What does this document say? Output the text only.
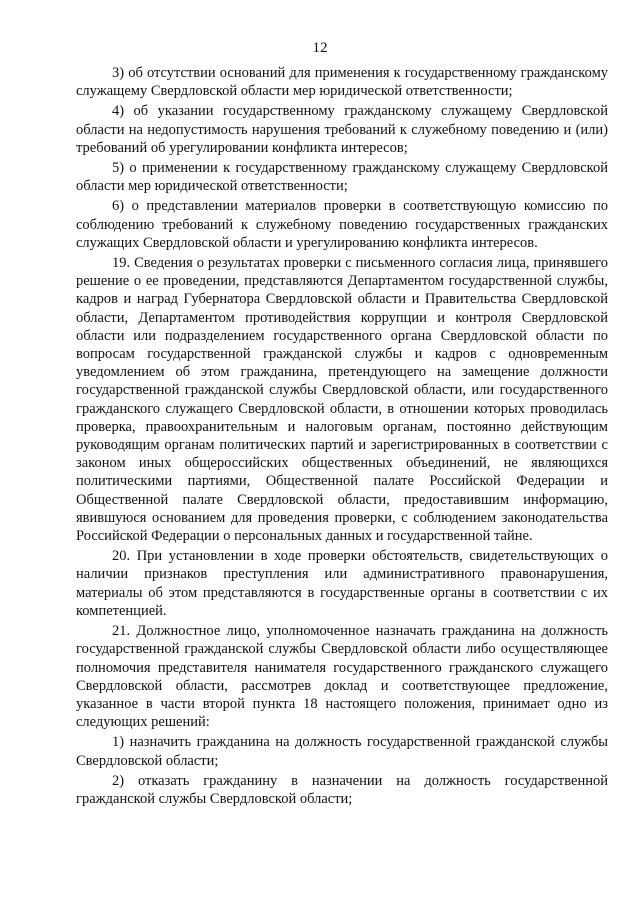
12

3) об отсутствии оснований для применения к государственному гражданскому служащему Свердловской области мер юридической ответственности;

4) об указании государственному гражданскому служащему Свердловской области на недопустимость нарушения требований к служебному поведению и (или) требований об урегулировании конфликта интересов;

5) о применении к государственному гражданскому служащему Свердловской области мер юридической ответственности;

6) о представлении материалов проверки в соответствующую комиссию по соблюдению требований к служебному поведению государственных гражданских служащих Свердловской области и урегулированию конфликта интересов.

19. Сведения о результатах проверки с письменного согласия лица, принявшего решение о ее проведении, представляются Департаментом государственной службы, кадров и наград Губернатора Свердловской области и Правительства Свердловской области, Департаментом противодействия коррупции и контроля Свердловской области или подразделением государственного органа Свердловской области по вопросам государственной гражданской службы и кадров с одновременным уведомлением об этом гражданина, претендующего на замещение должности государственной гражданской службы Свердловской области, или государственного гражданского служащего Свердловской области, в отношении которых проводилась проверка, правоохранительным и налоговым органам, постоянно действующим руководящим органам политических партий и зарегистрированных в соответствии с законом иных общероссийских общественных объединений, не являющихся политическими партиями, Общественной палате Российской Федерации и Общественной палате Свердловской области, предоставившим информацию, явившуюся основанием для проведения проверки, с соблюдением законодательства Российской Федерации о персональных данных и государственной тайне.

20. При установлении в ходе проверки обстоятельств, свидетельствующих о наличии признаков преступления или административного правонарушения, материалы об этом представляются в государственные органы в соответствии с их компетенцией.

21. Должностное лицо, уполномоченное назначать гражданина на должность государственной гражданской службы Свердловской области либо осуществляющее полномочия представителя нанимателя государственного гражданского служащего Свердловской области, рассмотрев доклад и соответствующее предложение, указанное в части второй пункта 18 настоящего положения, принимает одно из следующих решений:

1) назначить гражданина на должность государственной гражданской службы Свердловской области;

2) отказать гражданину в назначении на должность государственной гражданской службы Свердловской области;
